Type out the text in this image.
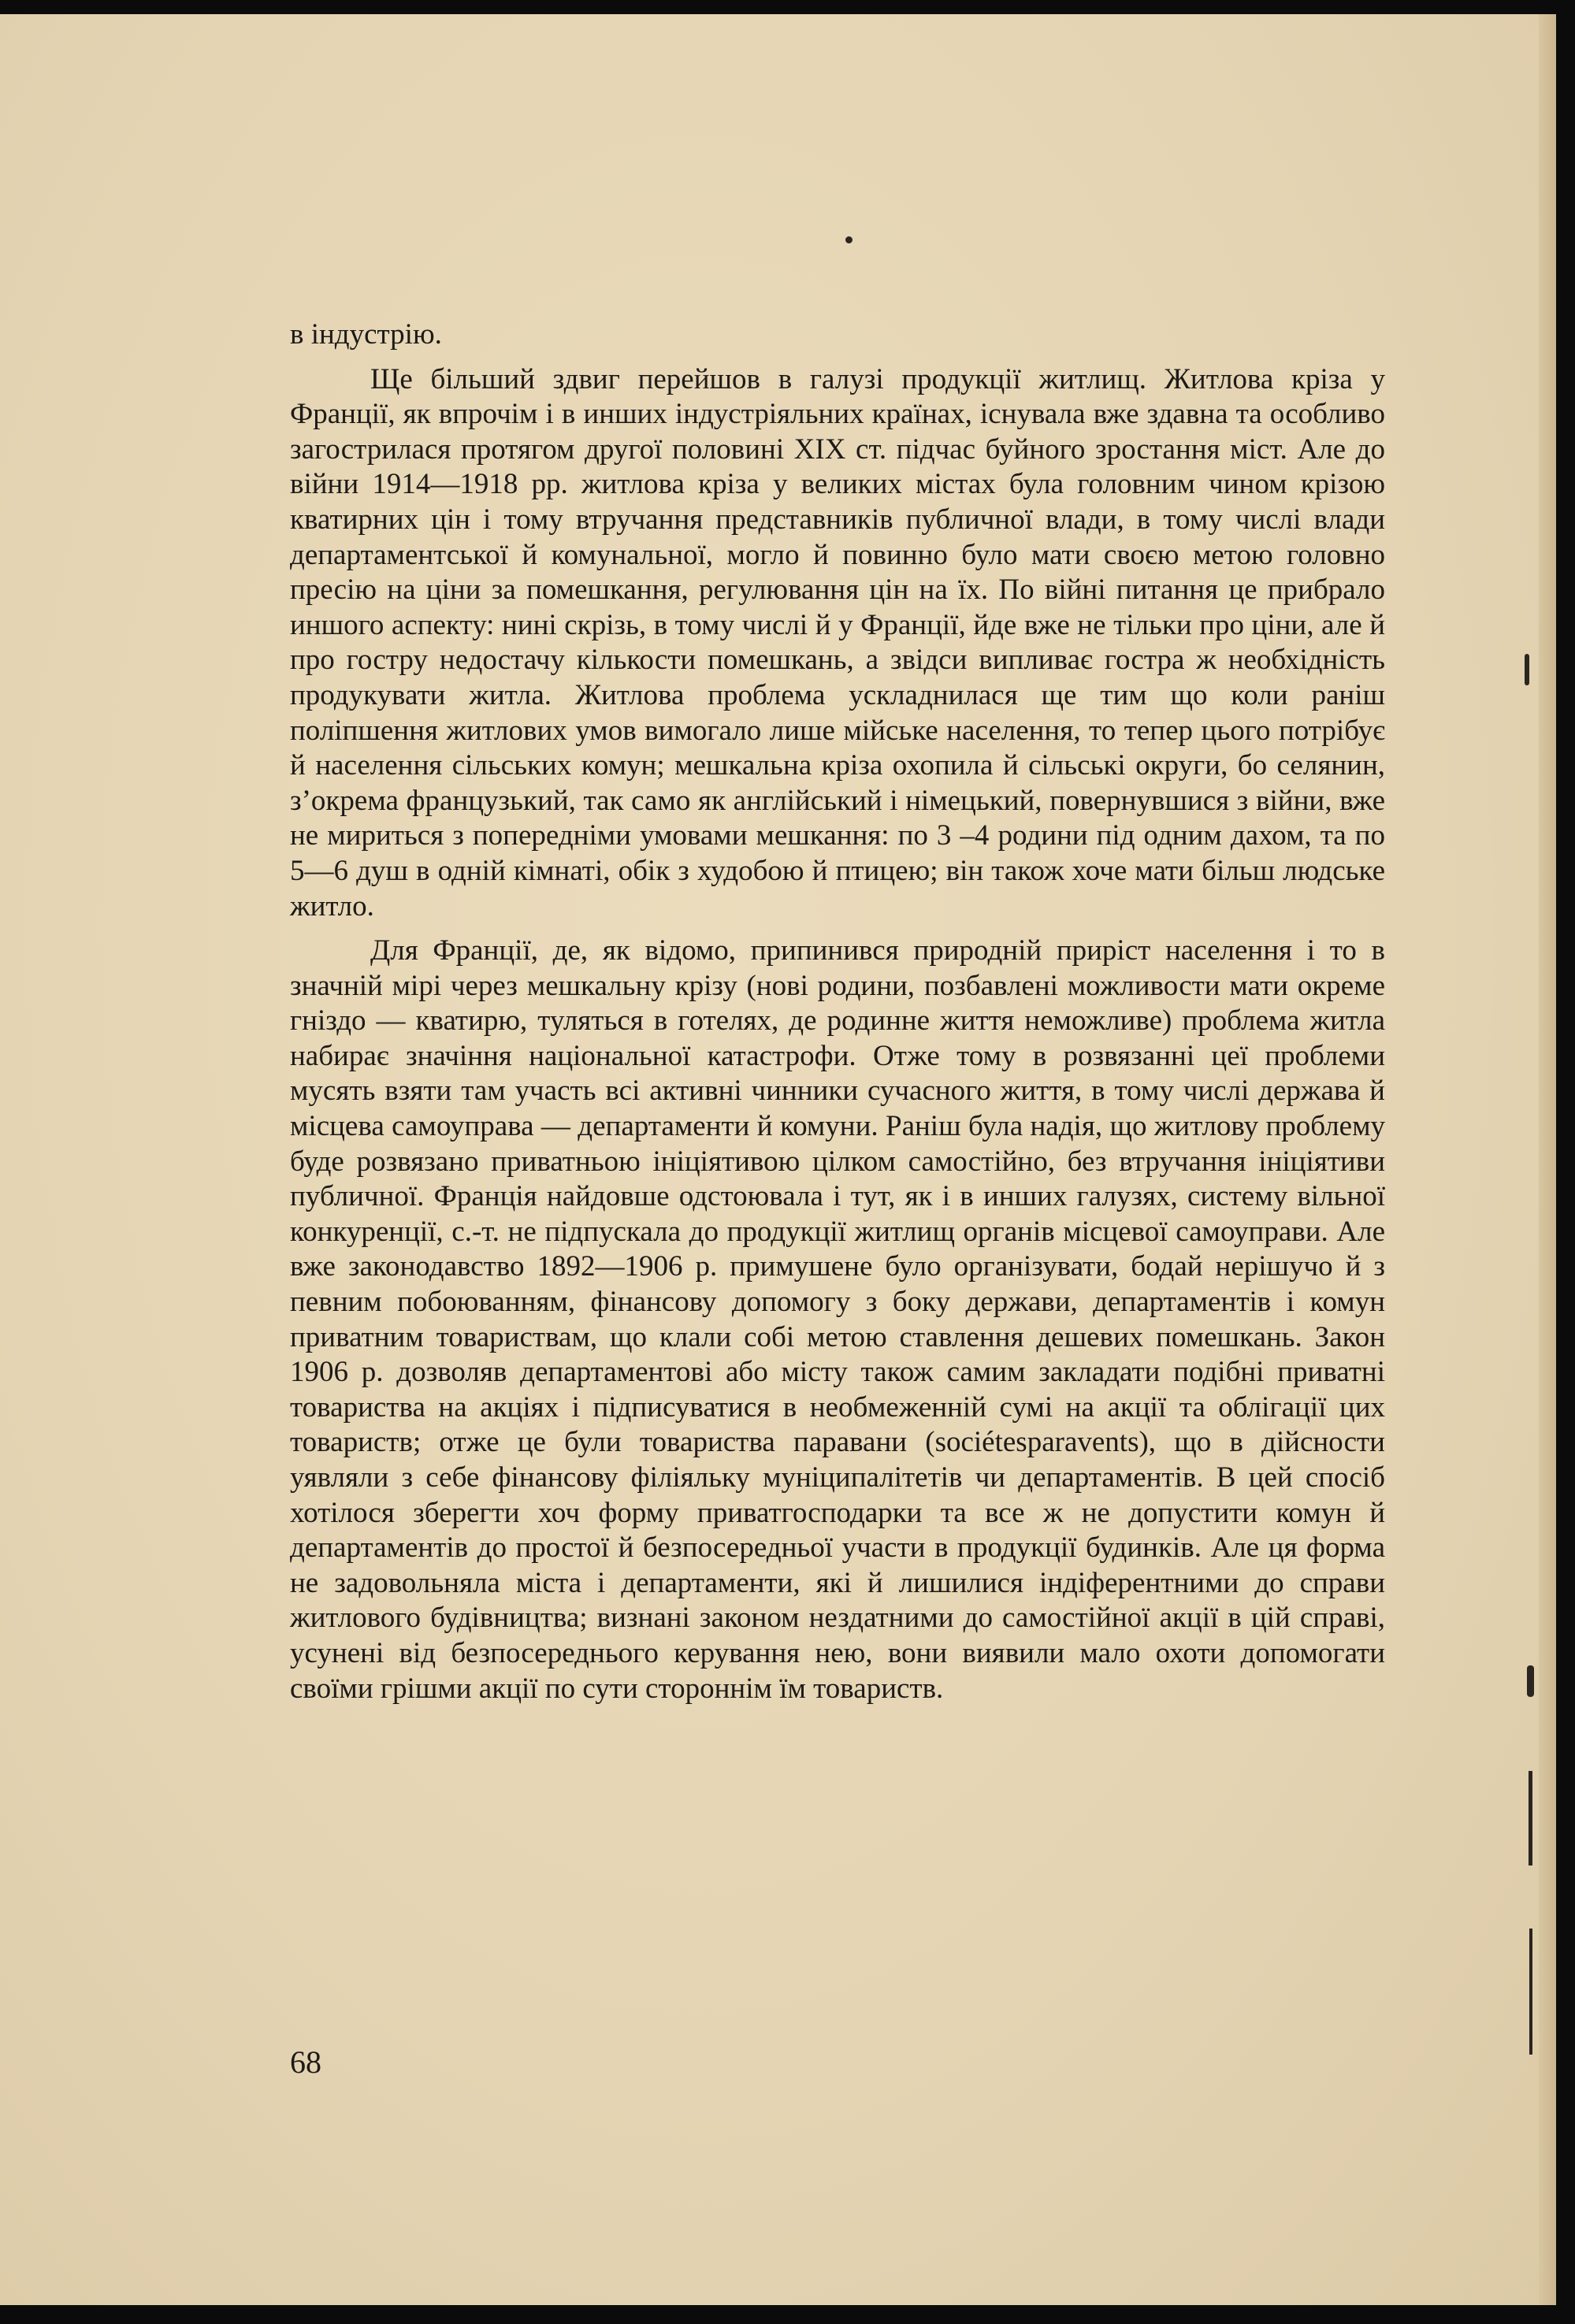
в індустрію.

Ще більший здвиг перейшов в галузі продукції житлищ. Житлова кріза у Франції, як впрочім і в инших індустріяльних країнах, існувала вже здавна та особливо загострилася протягом другої половині XIX ст. підчас буйного зростання міст. Але до війни 1914—1918 рр. житлова кріза у великих містах була головним чином крізою кватирних цін і тому втручання представників публичної влади, в тому числі влади департаментської й комунальної, могло й повинно було мати своєю метою головно пресію на ціни за помешкання, регулювання цін на їх. По війні питання це прибрало иншого аспекту: нині скрізь, в тому числі й у Франції, йде вже не тільки про ціни, але й про гостру недостачу кількости помешкань, а звідси випливає гостра ж необхідність продукувати житла. Житлова проблема ускладнилася ще тим що коли раніш поліпшення житлових умов вимогало лише мійське населення, то тепер цього потрібує й населення сільських комун; мешкальна кріза охопила й сільські округи, бо селянин, з’окрема французький, так само як англійський і німецький, повернувшися з війни, вже не мириться з попередніми умовами мешкання: по 3 –4 родини під одним дахом, та по 5—6 душ в одній кімнаті, обік з худобою й птицею; він також хоче мати більш людське житло.

Для Франції, де, як відомо, припинився природній приріст населення і то в значній мірі через мешкальну крізу (нові родини, позбавлені можливости мати окреме гніздо — кватирю, туляться в готелях, де родинне життя неможливе) проблема житла набирає значіння національної катастрофи. Отже тому в розвязанні цеї проблеми мусять взяти там участь всі активні чинники сучасного життя, в тому числі держава й місцева самоуправа — департаменти й комуни. Раніш була надія, що житлову проблему буде розвязано приватньою ініціятивою цілком самостійно, без втручання ініціятиви публичної. Франція найдовше одстоювала і тут, як і в инших галузях, систему вільної конкуренції, с.-т. не підпускала до продукції житлищ органів місцевої самоуправи. Але вже законодавство 1892—1906 р. примушене було організувати, бодай нерішучо й з певним побоюванням, фінансову допомогу з боку держави, департаментів і комун приватним товариствам, що клали собі метою ставлення дешевих помешкань. Закон 1906 р. дозволяв департаментові або місту також самим закладати подібні приватні товариства на акціях і підписуватися в необмеженній сумі на акції та облігації цих товариств; отже це були товариства паравани (sociétesparavents), що в дійсности уявляли з себе фінансову філіяльку муніципалітетів чи департаментів. В цей спосіб хотілося зберегти хоч форму приватгосподарки та все ж не допустити комун й департаментів до простої й безпосередньої участи в продукції будинків. Але ця форма не задовольняла міста і департаменти, які й лишилися індіферентними до справи житлового будівництва; визнані законом нездатними до самостійної акції в цій справі, усунені від безпосереднього керування нею, вони виявили мало охоти допомогати своїми грішми акції по сути стороннім їм товариств.

68
